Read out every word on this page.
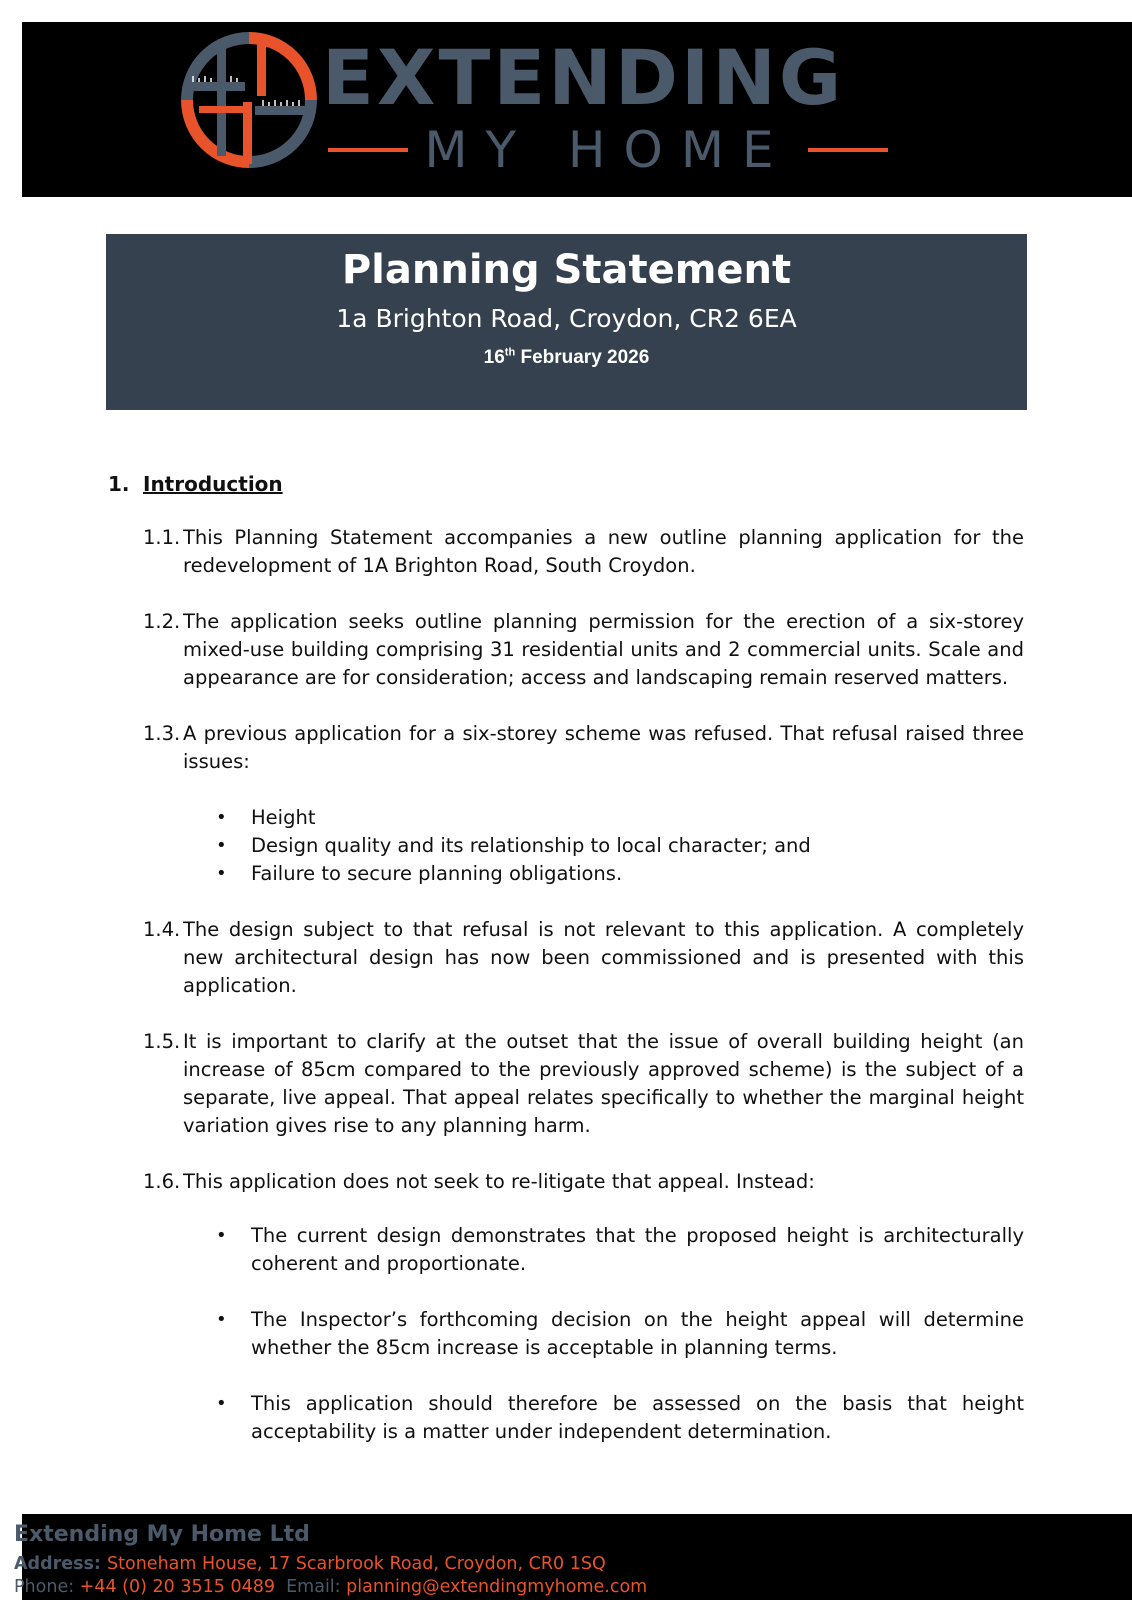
EXTENDING
MY HOME
Planning Statement
1a Brighton Road, Croydon, CR2 6EA
16th February 2026
1. Introduction
1.1. This Planning Statement accompanies a new outline planning application for the redevelopment of 1A Brighton Road, South Croydon.
1.2. The application seeks outline planning permission for the erection of a six-storey mixed-use building comprising 31 residential units and 2 commercial units. Scale and appearance are for consideration; access and landscaping remain reserved matters.
1.3. A previous application for a six-storey scheme was refused. That refusal raised three issues:
• Height
• Design quality and its relationship to local character; and
• Failure to secure planning obligations.
1.4. The design subject to that refusal is not relevant to this application. A completely new architectural design has now been commissioned and is presented with this application.
1.5. It is important to clarify at the outset that the issue of overall building height (an increase of 85cm compared to the previously approved scheme) is the subject of a separate, live appeal. That appeal relates specifically to whether the marginal height variation gives rise to any planning harm.
1.6. This application does not seek to re-litigate that appeal. Instead:
• The current design demonstrates that the proposed height is architecturally coherent and proportionate.
• The Inspector’s forthcoming decision on the height appeal will determine whether the 85cm increase is acceptable in planning terms.
• This application should therefore be assessed on the basis that height acceptability is a matter under independent determination.
Extending My Home Ltd
Address: Stoneham House, 17 Scarbrook Road, Croydon, CR0 1SQ
Phone: +44 (0) 20 3515 0489  Email: planning@extendingmyhome.com
